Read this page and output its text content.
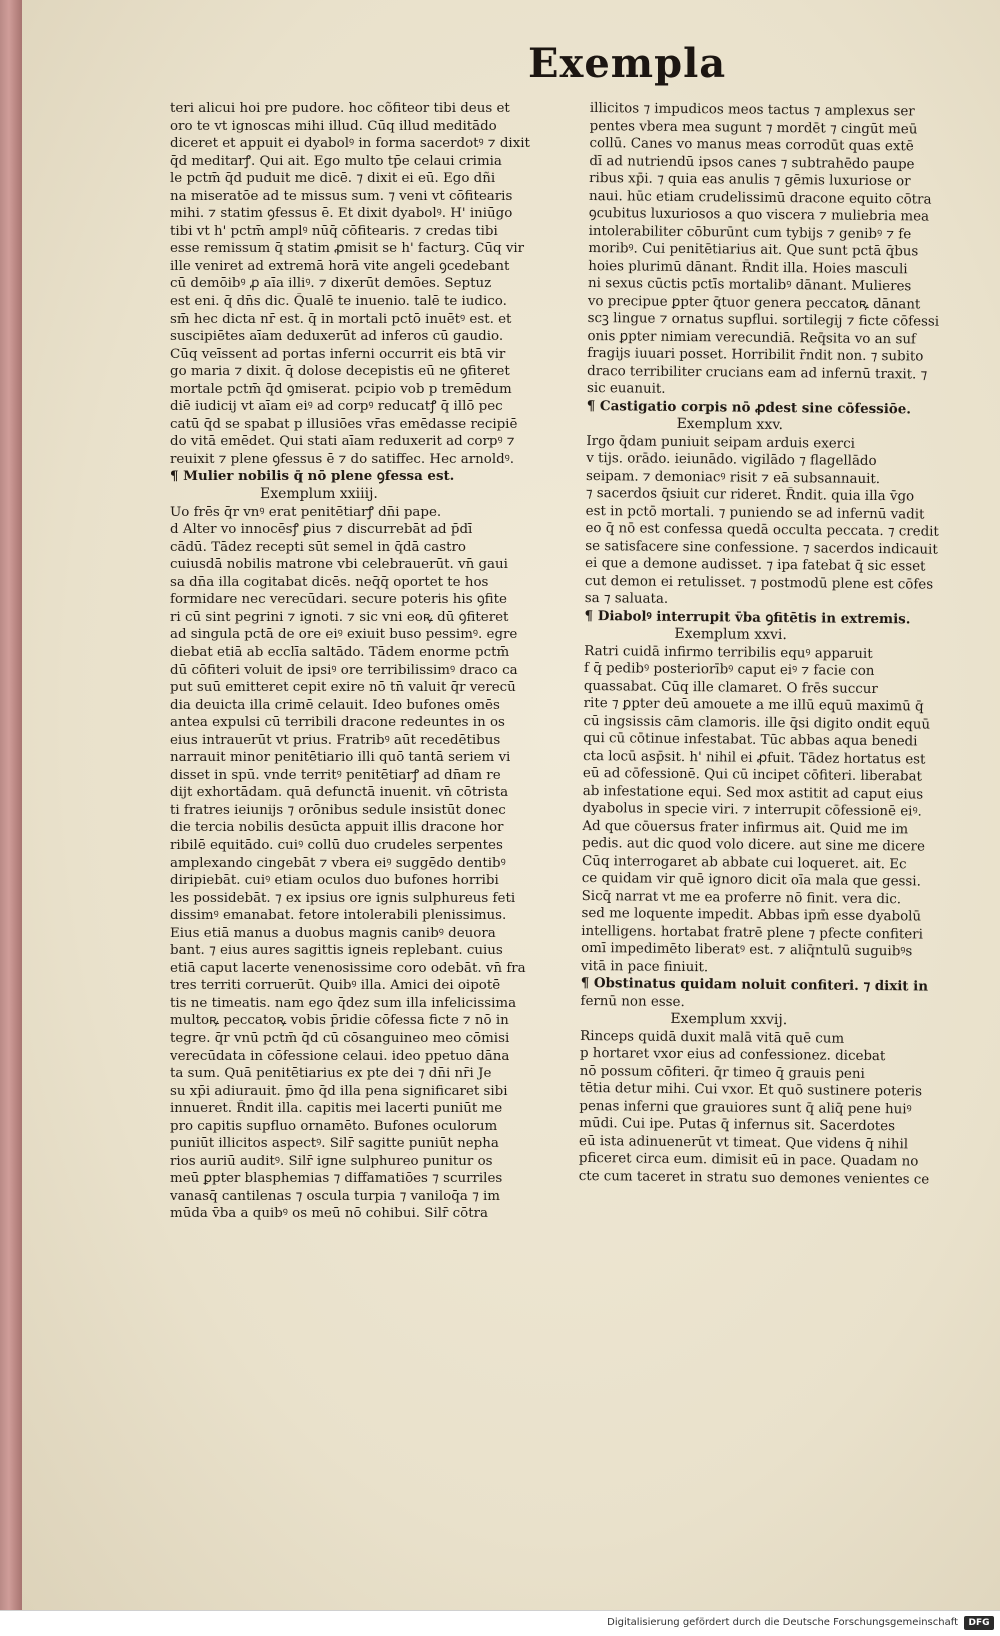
Exempla
teri alicui hoi pre pudore. hoc cõfiteor tibi deus et
oro te vt ignoscas mihi illud. Cūq illud meditādo
diceret et appuit ei dyabolꝰ in forma sacerdotꝰ ⁊ dixit
q̄d meditarꝭ. Qui ait. Ego multo tp̄e celaui crimia
le pctm̄ q̄d puduit me dicē. ⁊ dixit ei eū. Ego dñi
na miseratōe ad te missus sum. ⁊ veni vt cōfitearis
mihi. ⁊ statim ꝯfessus ē. Et dixit dyabolꝰ. H' iniūgo
tibi vt h' pctm̄ amplꝰ nūq̄ cōfitearis. ⁊ credas tibi
esse remissum q̄ statim ꝓmisit se h' facturꝫ. Cūq vir
ille veniret ad extremā horā vite angeli ꝯcedebant
cū demōibꝰ ꝓ aīa illiꝰ. ⁊ dixerūt demōes. Septuz
est eni. q̄ dn̄s dic. Q̄ualē te inuenio. talē te iudico.
sm̄ hec dicta nr̄ est. q̄ in mortali pctō inuētꝰ est. et
suscipiētes aīam deduxerūt ad inferos cū gaudio.
Cūq veīssent ad portas inferni occurrit eis btā vir
go maria ⁊ dixit. q̄ dolose decepistis eū ne ꝯfiteret
mortale pctm̄ q̄d ꝯmiserat. pcipio vob̄ p tremēdum
diē iudicij vt aīam eiꝰ ad corpꝰ reducatꝭ q̄ illō pec
catū q̄d se spabat p illusiōes vr̄as emēdasse recipiē
do vitā emēdet. Qui stati aīam reduxerit ad corpꝰ ⁊
reuixit ⁊ plene ꝯfessus ē ⁊ d̄o satiffec. Hec arnoldꝰ.
¶ Mulier nobilis q̄ nō plene ꝯfessa est.
Exemplum xxiiij.
Uo frēs q̄r vnꝰ erat penitētiarꝭ dn̄i pape.
d Alter vo innocēsꝭ ꝑius ⁊ discurrebāt ad p̄dī
cādū. Tādez recepti sūt semel in q̄dā castro
cuiusdā nobilis matrone vbi celebrauerūt. vn̄ gaui
sa dn̄a illa cogitabat dicēs. neq̄q̄ oportet te hos
formidare nec verecūdari. secure poteris his ꝯfite
ri cū sint pegrini ⁊ ignoti. ⁊ sic vni eoꝶ dū ꝯfiteret
ad singula pctā de ore eiꝰ exiuit buso pessimꝰ. egre
diebat etiā ab ecclīa saltādo. Tādem enorme pctm̄
dū cōfiteri voluit de ipsiꝰ ore terribilissimꝰ draco ca
put suū emitteret cepit exire nō tn̄ valuit q̄r verecū
dia deuicta illa crimē celauit. Ideo bufones omēs
antea expulsi cū terribili dracone redeuntes in os
eius intrauerūt vt prius. Fratribꝰ aūt recedētibus
narrauit minor penitētiario illi quō tantā seriem vi
disset in spū. vnde territꝰ penitētiarꝭ ad dn̄am re
dijt exhortādam. quā defunctā inuenit. vn̄ cōtrista
ti fratres ieiunijs ⁊ orōnibus sedule insistūt donec
die tercia nobilis desūcta appuit illis dracone hor
ribilē equitādo. cuiꝰ collū duo crudeles serpentes
amplexando cingebāt ⁊ vbera eiꝰ suggēdo dentibꝰ
diripiebāt. cuiꝰ etiam oculos duo bufones horribi
les possidebāt. ⁊ ex ipsius ore ignis sulphureus feti
dissimꝰ emanabat. fetore intolerabili plenissimus.
Eius etiā manus a duobus magnis canibꝰ deuora
bant. ⁊ eius aures sagittis igneis replebant. cuius
etiā caput lacerte venenosissime coro odebāt. vn̄ fra
tres territi corruerūt. Quibꝰ illa. Amici dei oipotē
tis ne timeatis. nam ego q̄dez sum illa infelicissima
multoꝶ peccatoꝶ vobis p̄ridie cōfessa ficte ⁊ nō in
tegre. q̄r vnū pctm̄ q̄d cū cōsanguineo meo cōmisi
verecūdata in cōfessione celaui. ideo ppetuo dāna
ta sum. Quā penitētiarius ex pte dei ⁊ dn̄i nr̄i Je
su xp̄i adiurauit. p̄mo q̄d illa pena significaret sibi
innueret. R̄ndit illa. capitis mei lacerti puniūt me
pro capitis supfluo ornamēto. Bufones oculorum
puniūt illicitos aspectꝰ. Silr̄ sagitte puniūt nepha
rios auriū auditꝰ. Silr̄ igne sulphureo punitur os
meū ꝑpter blasphemias ⁊ diffamatiōes ⁊ scurriles
vanasq̄ cantilenas ⁊ oscula turpia ⁊ vaniloq̄a ⁊ im
mūda v̄ba a quibꝰ os meū nō cohibui. Silr̄ cōtra
illicitos ⁊ impudicos meos tactus ⁊ amplexus ser
pentes vbera mea sugunt ⁊ mordēt ⁊ cingūt meū
collū. Canes vo manus meas corrodūt quas extē
dī ad nutriendū ipsos canes ⁊ subtrahēdo paupe
ribus xp̄i. ⁊ quia eas anulis ⁊ gēmis luxuriose or
naui. hūc etiam crudelissimū dracone equito cōtra
ꝯcubitus luxuriosos a quo viscera ⁊ muliebria mea
intolerabiliter cōburūnt cum tybijs ⁊ genibꝰ ⁊ fe
moribꝰ. Cui penitētiarius ait. Que sunt pctā q̄bus
hoies plurimū dānant. R̄ndit illa. Hoies masculi
ni sexus cūctis pctīs mortalibꝰ dānant. Mulieres
vo precipue ꝑpter q̄tuor genera peccatoꝶ dānant
scꝫ lingue ⁊ ornatus supflui. sortilegij ⁊ ficte cōfessi
onis ꝑpter nimiam verecundiā. Req̄sita vo an suf
fragijs iuuari posset. Horribilit r̄ndit non. ⁊ subito
draco terribiliter crucians eam ad infernū traxit. ⁊
sic euanuit.
¶ Castigatio corpis nō ꝓdest sine cōfessiōe.
Exemplum xxv.
Irgo q̄dam puniuit seipam arduis exerci
v tijs. orādo. ieiunādo. vigilādo ⁊ flagellādo
seipam. ⁊ demoniacꝰ risit ⁊ eā subsannauit.
⁊ sacerdos q̄siuit cur rideret. R̄ndit. quia illa v̄go
est in pctō mortali. ⁊ puniendo se ad infernū vadit
eo q̄ nō est confessa quedā occulta peccata. ⁊ credit
se satisfacere sine confessione. ⁊ sacerdos indicauit
ei que a demone audisset. ⁊ ipa fatebat q̄ sic esset
cut demon ei retulisset. ⁊ postmodū plene est cōfes
sa ⁊ saluata.
¶ Diabolꝰ interrupit v̄ba ꝯfitētis in extremis.
Exemplum xxvi.
Ratri cuidā infirmo terribilis equꝰ apparuit
f q̄ pedibꝰ posteriorībꝰ caput eiꝰ ⁊ facie con
quassabat. Cūq ille clamaret. O frēs succur
rite ⁊ ꝑpter deū amouete a me illū equū maximū q̄
cū ingsissis cām clamoris. ille q̄si digito ondit equū
qui cū cōtinue infestabat. Tūc abbas aqua benedi
cta locū asp̄sit. h' nihil ei ꝓfuit. Tādez hortatus est
eū ad cōfessionē. Qui cū incipet cōfiteri. liberabat
ab infestatione equi. Sed mox astitit ad caput eius
dyabolus in specie viri. ⁊ interrupit cōfessionē eiꝰ.
Ad que cōuersus frater infirmus ait. Quid me im
pedis. aut dic quod volo dicere. aut sine me dicere
Cūq interrogaret ab abbate cui loqueret. ait. Ec
ce quidam vir quē ignoro dicit oīa mala que gessi.
Sicq̄ narrat vt me ea proferre nō finit. vera dic.
sed me loquente impedit. Abbas ipm̄ esse dyabolū
intelligens. hortabat fratrē plene ⁊ pfecte confiteri
omī impedimēto liberatꝰ est. ⁊ aliq̄ntulū suguibꝰs
vitā in pace finiuit.
¶ Obstinatus quidam noluit confiteri. ⁊ dixit in
fernū non esse.
Exemplum xxvij.
Rinceps quidā duxit malā vitā quē cum
p hortaret vxor eius ad confessionez. dicebat
nō possum cōfiteri. q̄r timeo q̄ grauis peni
tētia detur mihi. Cui vxor. Et quō sustinere poteris
penas inferni que grauiores sunt q̄ aliq̄ pene huiꝰ
mūdi. Cui ipe. Putas q̄ infernus sit. Sacerdotes
eū ista adinuenerūt vt timeat. Que videns q̄ nihil
pficeret circa eum. dimisit eū in pace. Quadam no
cte cum taceret in stratu suo demones venientes ce
Digitalisierung gefördert durch die Deutsche Forschungsgemeinschaft	DFG
